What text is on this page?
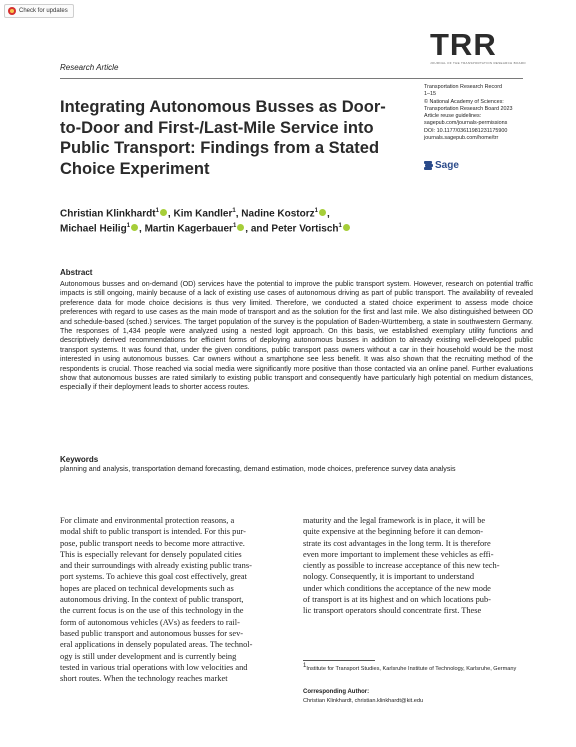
Check for updates
TRR
JOURNAL OF THE TRANSPORTATION RESEARCH BOARD
Research Article
Integrating Autonomous Busses as Door-
to-Door and First-/Last-Mile Service into
Public Transport: Findings from a Stated
Choice Experiment
Transportation Research Record
1–15
© National Academy of Sciences:
Transportation Research Board 2023
Article reuse guidelines:
sagepub.com/journals-permissions
DOI: 10.1177/03611981231175900
journals.sagepub.com/home/trr
Sage
Christian Klinkhardt$^1$ , Kim Kandler$^1$, Nadine Kostorz$^1$ ,
Michael Heilig$^1$ , Martin Kagerbauer$^1$ , and Peter Vortisch$^1$
Abstract
Autonomous busses and on-demand (OD) services have the potential to improve the public transport system. However, research on potential traffic impacts is still ongoing, mainly because of a lack of existing use cases of autonomous driving as part of public transport. The availability of revealed preference data for mode choice decisions is thus very limited. Therefore, we conducted a stated choice experiment to assess mode choice preferences with regard to use cases as the main mode of transport and as the solution for the first and last mile. We also distinguished between OD and schedule-based (sched.) services. The target population of the survey is the population of Baden-Württemberg, a state in southwestern Germany. The responses of 1,434 people were analyzed using a nested logit approach. On this basis, we established exemplary utility functions and descriptively derived recommendations for efficient forms of deploying autonomous busses in addition to already existing well-developed public transport systems. It was found that, under the given conditions, public transport pass owners without a car in their household would be the most interested in using autonomous busses. Car owners without a smartphone see less benefit. It was also shown that the recruiting method of the respondents is crucial. Those reached via social media were significantly more positive than those contacted via an online panel. Further evaluations show that autonomous busses are rated similarly to existing public transport and consequently have particularly high potential on medium distances, especially if their deployment leads to shorter access routes.
Keywords
planning and analysis, transportation demand forecasting, demand estimation, mode choices, preference survey data analysis
For climate and environmental protection reasons, a
modal shift to public transport is intended. For this pur-
pose, public transport needs to become more attractive.
This is especially relevant for densely populated cities
and their surroundings with already existing public trans-
port systems. To achieve this goal cost effectively, great
hopes are placed on technical developments such as
autonomous driving. In the context of public transport,
the current focus is on the use of this technology in the
form of autonomous vehicles (AVs) as feeders to rail-
based public transport and autonomous busses for sev-
eral applications in densely populated areas. The technol-
ogy is still under development and is currently being
tested in various trial operations with low velocities and
short routes. When the technology reaches market
maturity and the legal framework is in place, it will be
quite expensive at the beginning before it can demon-
strate its cost advantages in the long term. It is therefore
even more important to implement these vehicles as effi-
ciently as possible to increase acceptance of this new tech-
nology. Consequently, it is important to understand
under which conditions the acceptance of the new mode
of transport is at its highest and on which locations pub-
lic transport operators should concentrate first. These
$^1$Institute for Transport Studies, Karlsruhe Institute of Technology, Karlsruhe, Germany
Corresponding Author:
Christian Klinkhardt, christian.klinkhardt@kit.edu
